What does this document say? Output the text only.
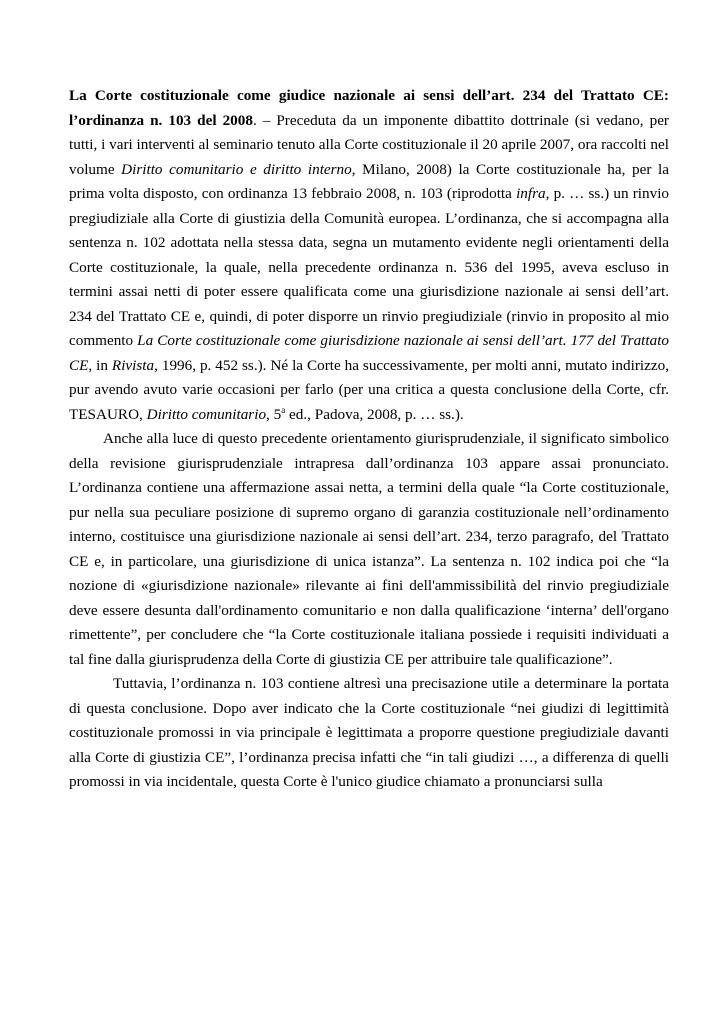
La Corte costituzionale come giudice nazionale ai sensi dell’art. 234 del Trattato CE: l’ordinanza n. 103 del 2008. – Preceduta da un imponente dibattito dottrinale (si vedano, per tutti, i vari interventi al seminario tenuto alla Corte costituzionale il 20 aprile 2007, ora raccolti nel volume Diritto comunitario e diritto interno, Milano, 2008) la Corte costituzionale ha, per la prima volta disposto, con ordinanza 13 febbraio 2008, n. 103 (riprodotta infra, p. … ss.) un rinvio pregiudiziale alla Corte di giustizia della Comunità europea. L’ordinanza, che si accompagna alla sentenza n. 102 adottata nella stessa data, segna un mutamento evidente negli orientamenti della Corte costituzionale, la quale, nella precedente ordinanza n. 536 del 1995, aveva escluso in termini assai netti di poter essere qualificata come una giurisdizione nazionale ai sensi dell’art. 234 del Trattato CE e, quindi, di poter disporre un rinvio pregiudiziale (rinvio in proposito al mio commento La Corte costituzionale come giurisdizione nazionale ai sensi dell’art. 177 del Trattato CE, in Rivista, 1996, p. 452 ss.). Né la Corte ha successivamente, per molti anni, mutato indirizzo, pur avendo avuto varie occasioni per farlo (per una critica a questa conclusione della Corte, cfr. TESAURO, Diritto comunitario, 5$^a$ ed., Padova, 2008, p. … ss.).

Anche alla luce di questo precedente orientamento giurisprudenziale, il significato simbolico della revisione giurisprudenziale intrapresa dall’ordinanza 103 appare assai pronunciato. L’ordinanza contiene una affermazione assai netta, a termini della quale “la Corte costituzionale, pur nella sua peculiare posizione di supremo organo di garanzia costituzionale nell’ordinamento interno, costituisce una giurisdizione nazionale ai sensi dell’art. 234, terzo paragrafo, del Trattato CE e, in particolare, una giurisdizione di unica istanza”. La sentenza n. 102 indica poi che “la nozione di «giurisdizione nazionale» rilevante ai fini dell'ammissibilità del rinvio pregiudiziale deve essere desunta dall'ordinamento comunitario e non dalla qualificazione ‘interna’ dell'organo rimettente”, per concludere che “la Corte costituzionale italiana possiede i requisiti individuati a tal fine dalla giurisprudenza della Corte di giustizia CE per attribuire tale qualificazione”.

Tuttavia, l’ordinanza n. 103 contiene altresì una precisazione utile a determinare la portata di questa conclusione. Dopo aver indicato che la Corte costituzionale “nei giudizi di legittimità costituzionale promossi in via principale è legittimata a proporre questione pregiudiziale davanti alla Corte di giustizia CE”, l’ordinanza precisa infatti che “in tali giudizi …, a differenza di quelli promossi in via incidentale, questa Corte è l'unico giudice chiamato a pronunciarsi sulla
